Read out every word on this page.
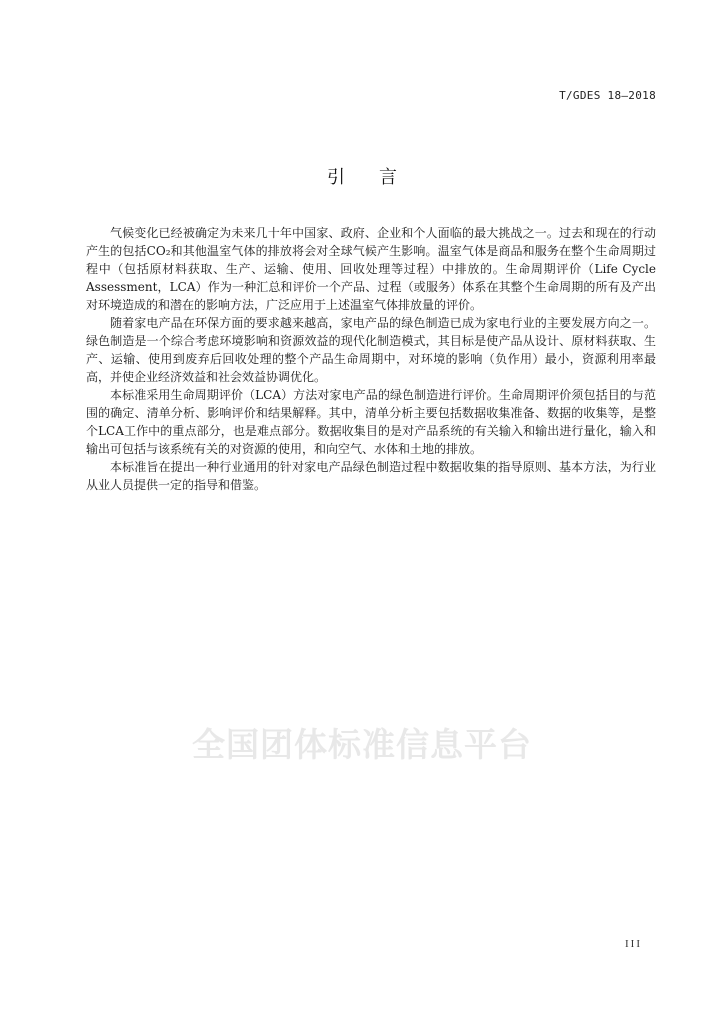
T/GDES 18—2018
引言

气候变化已经被确定为未来几十年中国家、政府、企业和个人面临的最大挑战之一。过去和现在的行动产生的包括CO₂和其他温室气体的排放将会对全球气候产生影响。温室气体是商品和服务在整个生命周期过程中（包括原材料获取、生产、运输、使用、回收处理等过程）中排放的。生命周期评价（Life Cycle Assessment，LCA）作为一种汇总和评价一个产品、过程（或服务）体系在其整个生命周期的所有及产出对环境造成的和潜在的影响方法，广泛应用于上述温室气体排放量的评价。

随着家电产品在环保方面的要求越来越高，家电产品的绿色制造已成为家电行业的主要发展方向之一。绿色制造是一个综合考虑环境影响和资源效益的现代化制造模式，其目标是使产品从设计、原材料获取、生产、运输、使用到废弃后回收处理的整个产品生命周期中，对环境的影响（负作用）最小，资源利用率最高，并使企业经济效益和社会效益协调优化。

本标准采用生命周期评价（LCA）方法对家电产品的绿色制造进行评价。生命周期评价须包括目的与范围的确定、清单分析、影响评价和结果解释。其中，清单分析主要包括数据收集准备、数据的收集等，是整个LCA工作中的重点部分，也是难点部分。数据收集目的是对产品系统的有关输入和输出进行量化，输入和输出可包括与该系统有关的对资源的使用，和向空气、水体和土地的排放。

本标准旨在提出一种行业通用的针对家电产品绿色制造过程中数据收集的指导原则、基本方法，为行业从业人员提供一定的指导和借鉴。

全国团体标准信息平台
III
